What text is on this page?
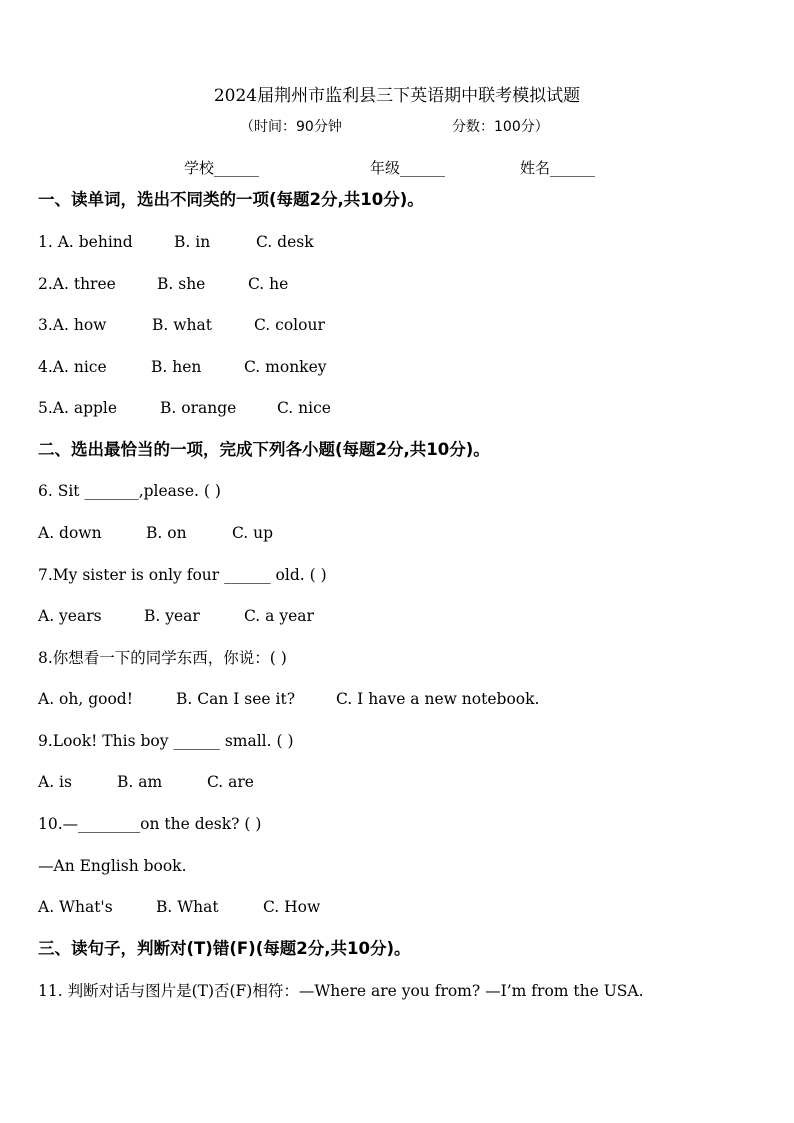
2024届荆州市监利县三下英语期中联考模拟试题
（时间：90分钟	分数：100分）
学校______	年级______	姓名______
一、读单词，选出不同类的一项(每题2分,共10分)。
1. A. behind	B. in	C. desk
2.A. three	B. she	C. he
3.A. how	B. what	C. colour
4.A. nice	B. hen	C. monkey
5.A. apple	B. orange	C. nice
二、选出最恰当的一项，完成下列各小题(每题2分,共10分)。
6. Sit _______,please. ( )
A. down	B. on	C. up
7.My sister is only four ______ old. ( )
A. years	B. year	C. a year
8.你想看一下的同学东西，你说：( )
A. oh, good!	B. Can I see it?	C. I have a new notebook.
9.Look! This boy ______ small. ( )
A. is	B. am	C. are
10.—________on the desk? ( )
—An English book.
A. What's	B. What	C. How
三、读句子，判断对(T)错(F)(每题2分,共10分)。
11. 判断对话与图片是(T)否(F)相符：—Where are you from? —I’m from the USA.
